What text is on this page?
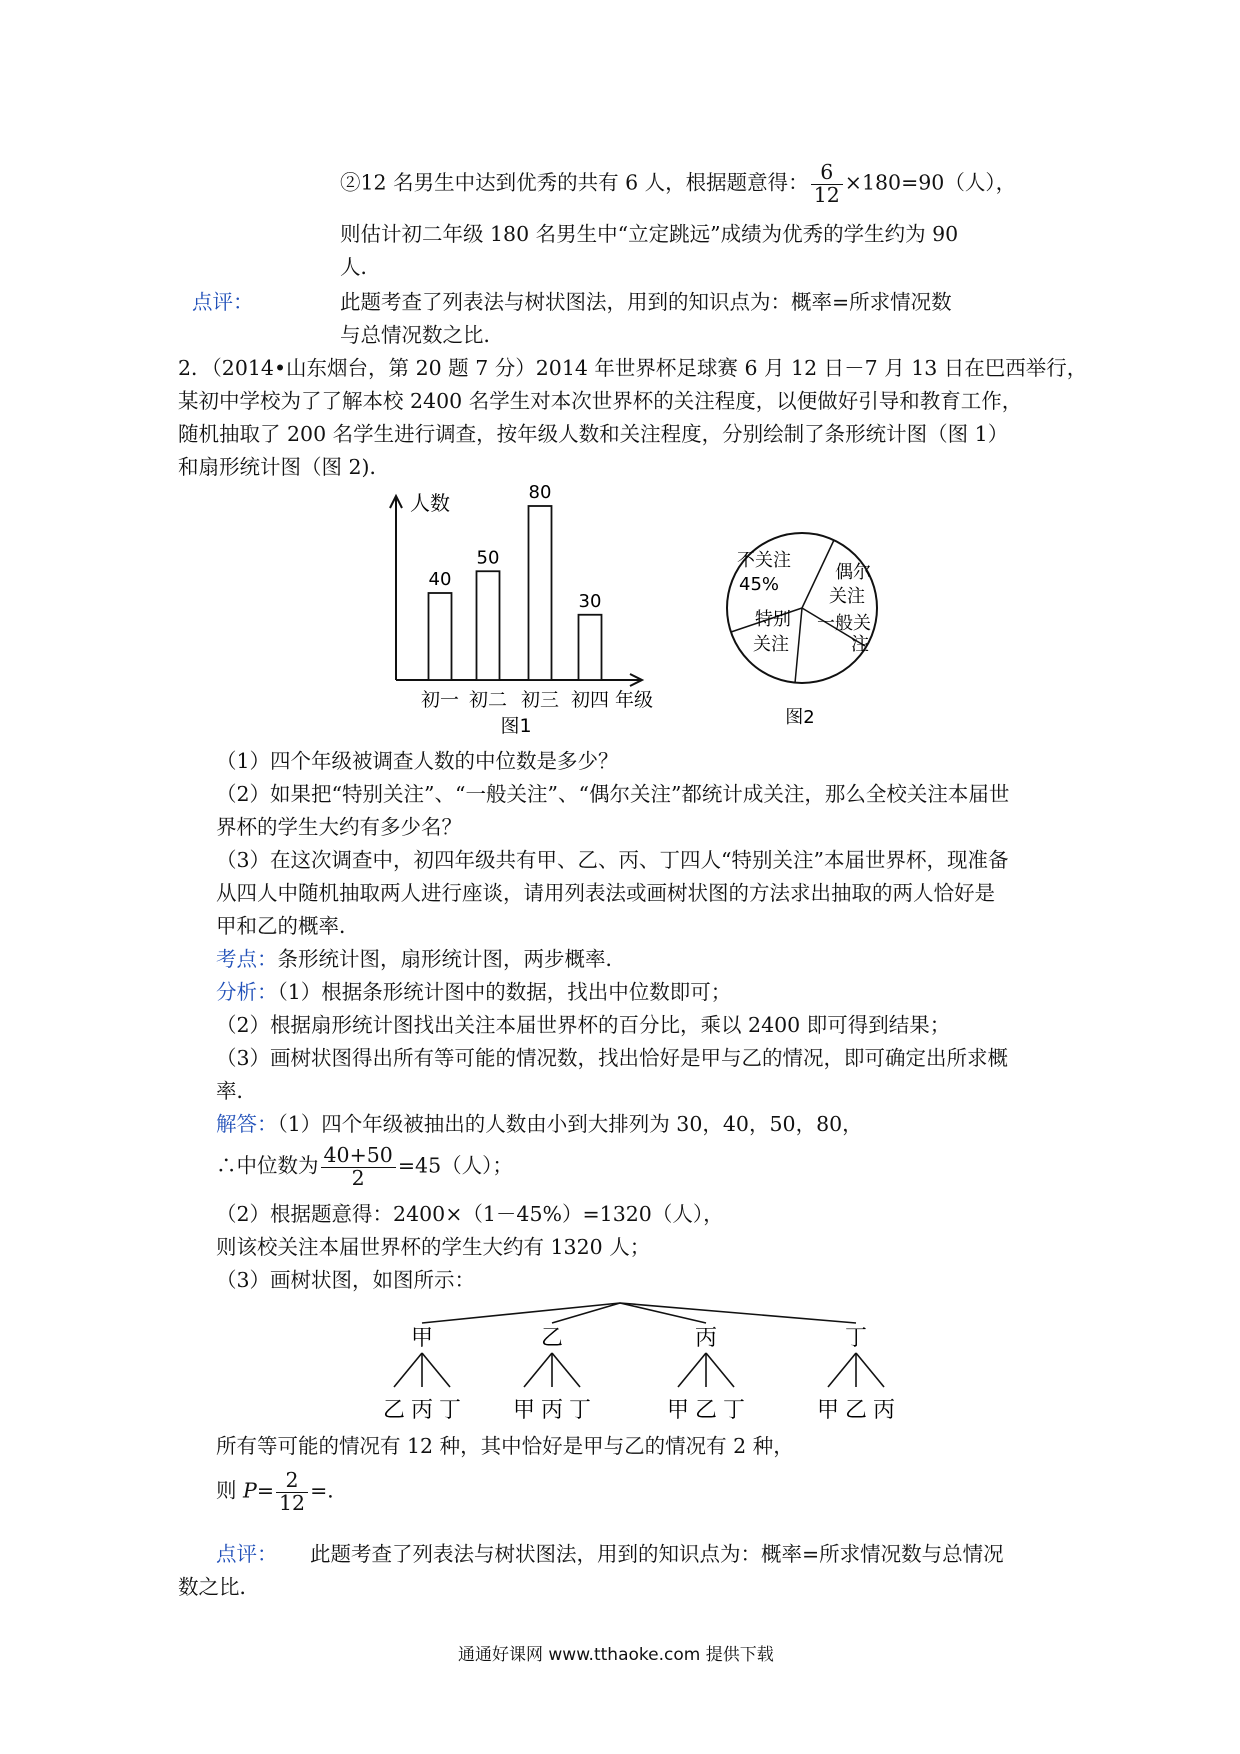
②12 名男生中达到优秀的共有 6 人，根据题意得： $\frac{6}{12} \times 180=90$（人），
则估计初二年级 180 名男生中“立定跳远”成绩为优秀的学生约为 90
人．
点评：	此题考查了列表法与树状图法，用到的知识点为：概率=所求情况数
与总情况数之比．
2．（2014•山东烟台，第 20 题 7 分）2014 年世界杯足球赛 6 月 12 日－7 月 13 日在巴西举行，
某初中学校为了了解本校 2400 名学生对本次世界杯的关注程度，以便做好引导和教育工作，
随机抽取了 200 名学生进行调查，按年级人数和关注程度，分别绘制了条形统计图（图 1）
和扇形统计图（图 2)．
人数
年级
40
初一
50
初二
80
初三
30
初四
图1
不关注
45%
偶尔
关注
一般关
注
特别
关注
图2
（1）四个年级被调查人数的中位数是多少？
（2）如果把“特别关注”、“一般关注”、“偶尔关注”都统计成关注，那么全校关注本届世
界杯的学生大约有多少名？
（3）在这次调查中，初四年级共有甲、乙、丙、丁四人“特别关注”本届世界杯，现准备
从四人中随机抽取两人进行座谈，请用列表法或画树状图的方法求出抽取的两人恰好是
甲和乙的概率．
考点：条形统计图，扇形统计图，两步概率．
分析：（1）根据条形统计图中的数据，找出中位数即可；
（2）根据扇形统计图找出关注本届世界杯的百分比，乘以 2400 即可得到结果；
（3）画树状图得出所有等可能的情况数，找出恰好是甲与乙的情况，即可确定出所求概
率．
解答：（1）四个年级被抽出的人数由小到大排列为 30，40，50，80，
∴中位数为 $\frac{40+50}{2} =45$（人）；
（2）根据题意得：2400×（1－45%）=1320（人），
则该校关注本届世界杯的学生大约有 1320 人；
（3）画树状图，如图所示：
甲
乙 丙 丁
乙
甲 丙 丁
丙
甲 乙 丁
丁
甲 乙 丙
所有等可能的情况有 12 种，其中恰好是甲与乙的情况有 2 种，
则 $P= \frac{2}{12}$ =．
点评： 此题考查了列表法与树状图法，用到的知识点为：概率=所求情况数与总情况
数之比．
通通好课网 www.tthaoke.com 提供下载
